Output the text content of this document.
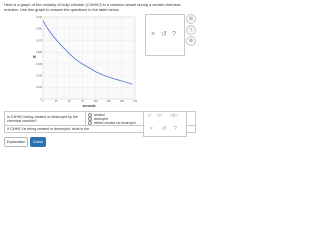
Here is a graph of the molarity of butyl chloride (C4H9Cl) in a reaction vessel during a certain chemical reaction. Use this graph to answer the questions in the table below.
0
0.015
0.030
0.045
0.060
0.075
0.090
0.105
0	25	50	75	100	125	150	175
M
seconds
× ↺ ?
⊞
Ⓐ
⊗
Is C4H9Cl being created or destroyed by the chemical reaction?
created
destroyed
neither created nor destroyed
If C4H9Cl is being created or destroyed, what is the
□ □ⁿ □/□
× ↺ ?
Explanation	Check
